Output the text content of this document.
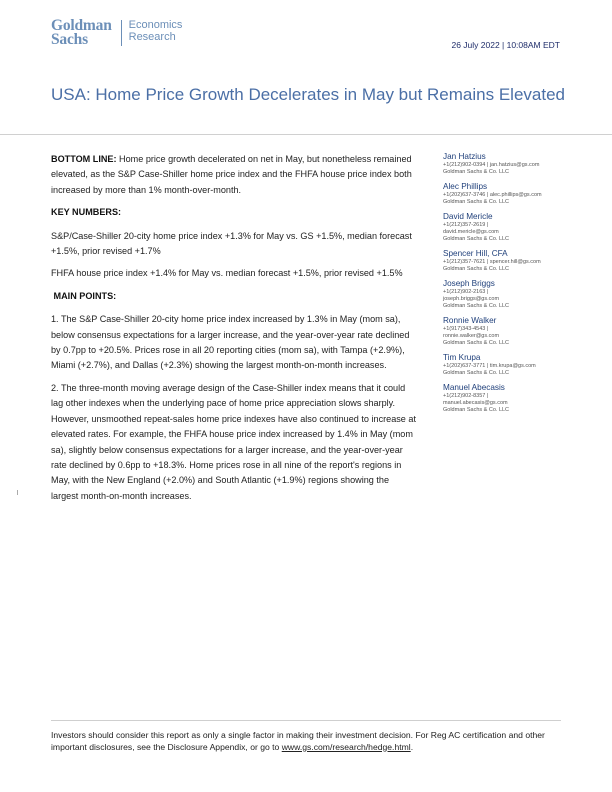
Goldman
Sachs
Economics
Research
26 July 2022 | 10:08AM EDT
USA: Home Price Growth Decelerates in May but Remains Elevated

BOTTOM LINE: Home price growth decelerated on net in May, but nonetheless remained elevated, as the S&P Case-Shiller home price index and the FHFA house price index both increased by more than 1% month-over-month.

KEY NUMBERS:

S&P/Case-Shiller 20-city home price index +1.3% for May vs. GS +1.5%, median forecast +1.5%, prior revised +1.7%

FHFA house price index +1.4% for May vs. median forecast +1.5%, prior revised +1.5%

MAIN POINTS:

1. The S&P Case-Shiller 20-city home price index increased by 1.3% in May (mom sa), below consensus expectations for a larger increase, and the year-over-year rate declined by 0.7pp to +20.5%. Prices rose in all 20 reporting cities (mom sa), with Tampa (+2.9%), Miami (+2.7%), and Dallas (+2.3%) showing the largest month-on-month increases.

2. The three-month moving average design of the Case-Shiller index means that it could lag other indexes when the underlying pace of home price appreciation slows sharply. However, unsmoothed repeat-sales home price indexes have also continued to increase at elevated rates. For example, the FHFA house price index increased by 1.4% in May (mom sa), slightly below consensus expectations for a larger increase, and the year-over-year rate declined by 0.6pp to +18.3%. Home prices rose in all nine of the report's regions in May, with the New England (+2.0%) and South Atlantic (+1.9%) regions showing the largest month-on-month increases.

Jan Hatzius
+1(212)902-0394 | jan.hatzius@gs.com
Goldman Sachs & Co. LLC
Alec Phillips
+1(202)637-3746 | alec.phillips@gs.com
Goldman Sachs & Co. LLC
David Mericle
+1(212)357-2619 |
david.mericle@gs.com
Goldman Sachs & Co. LLC
Spencer Hill, CFA
+1(212)357-7621 | spencer.hill@gs.com
Goldman Sachs & Co. LLC
Joseph Briggs
+1(212)902-2163 |
joseph.briggs@gs.com
Goldman Sachs & Co. LLC
Ronnie Walker
+1(917)343-4543 |
ronnie.walker@gs.com
Goldman Sachs & Co. LLC
Tim Krupa
+1(202)637-3771 | tim.krupa@gs.com
Goldman Sachs & Co. LLC
Manuel Abecasis
+1(212)902-8357 |
manuel.abecasis@gs.com
Goldman Sachs & Co. LLC
Investors should consider this report as only a single factor in making their investment decision. For Reg AC certification and other important disclosures, see the Disclosure Appendix, or go to www.gs.com/research/hedge.html.
